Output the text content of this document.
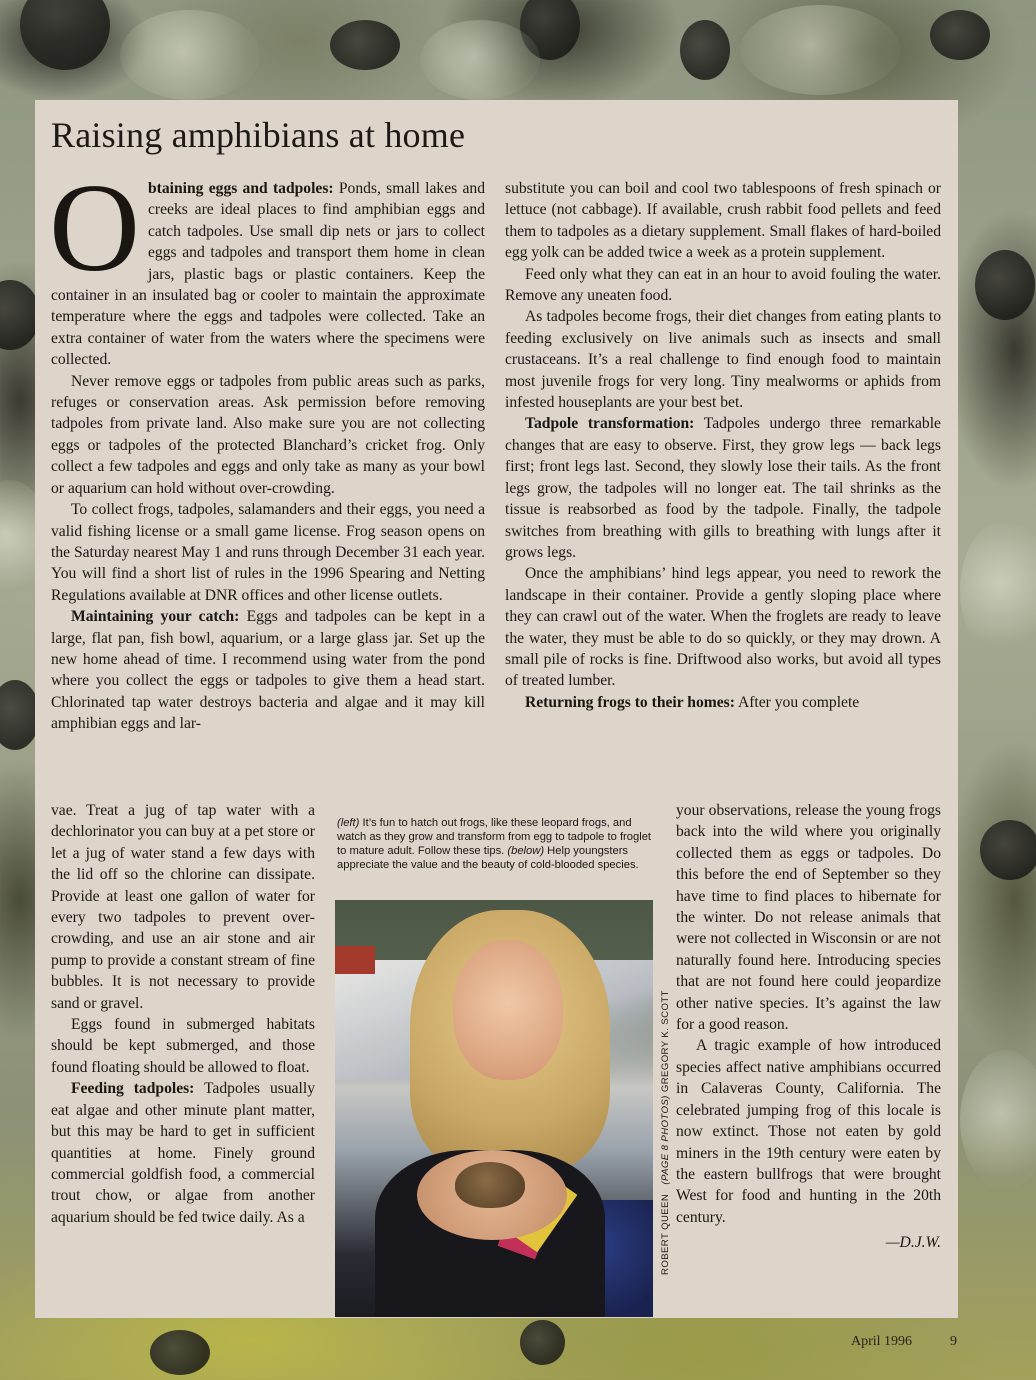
Raising amphibians at home

Obtaining eggs and tadpoles: Ponds, small lakes and creeks are ideal places to find amphibian eggs and catch tadpoles. Use small dip nets or jars to collect eggs and tadpoles and transport them home in clean jars, plastic bags or plastic containers. Keep the container in an insulated bag or cooler to maintain the approximate temperature where the eggs and tadpoles were collected. Take an extra container of water from the waters where the specimens were collected.

Never remove eggs or tadpoles from public areas such as parks, refuges or conservation areas. Ask permission before removing tadpoles from private land. Also make sure you are not collecting eggs or tadpoles of the protected Blanchard’s cricket frog. Only collect a few tadpoles and eggs and only take as many as your bowl or aquarium can hold without over-crowding.

To collect frogs, tadpoles, salamanders and their eggs, you need a valid fishing license or a small game license. Frog season opens on the Saturday nearest May 1 and runs through December 31 each year. You will find a short list of rules in the 1996 Spearing and Netting Regulations available at DNR offices and other license outlets.

Maintaining your catch: Eggs and tadpoles can be kept in a large, flat pan, fish bowl, aquarium, or a large glass jar. Set up the new home ahead of time. I recommend using water from the pond where you collect the eggs or tadpoles to give them a head start. Chlorinated tap water destroys bacteria and algae and it may kill amphibian eggs and lar-

vae. Treat a jug of tap water with a dechlorinator you can buy at a pet store or let a jug of water stand a few days with the lid off so the chlorine can dissipate. Provide at least one gallon of water for every two tadpoles to prevent over-crowding, and use an air stone and air pump to provide a constant stream of fine bubbles. It is not necessary to provide sand or gravel.

Eggs found in submerged habitats should be kept submerged, and those found floating should be allowed to float.

Feeding tadpoles: Tadpoles usually eat algae and other minute plant matter, but this may be hard to get in sufficient quantities at home. Finely ground commercial goldfish food, a commercial trout chow, or algae from another aquarium should be fed twice daily. As a

substitute you can boil and cool two tablespoons of fresh spinach or lettuce (not cabbage). If available, crush rabbit food pellets and feed them to tadpoles as a dietary supplement. Small flakes of hard-boiled egg yolk can be added twice a week as a protein supplement.

Feed only what they can eat in an hour to avoid fouling the water. Remove any uneaten food.

As tadpoles become frogs, their diet changes from eating plants to feeding exclusively on live animals such as insects and small crustaceans. It’s a real challenge to find enough food to maintain most juvenile frogs for very long. Tiny mealworms or aphids from infested houseplants are your best bet.

Tadpole transformation: Tadpoles undergo three remarkable changes that are easy to observe. First, they grow legs — back legs first; front legs last. Second, they slowly lose their tails. As the front legs grow, the tadpoles will no longer eat. The tail shrinks as the tissue is reabsorbed as food by the tadpole. Finally, the tadpole switches from breathing with gills to breathing with lungs after it grows legs.

Once the amphibians’ hind legs appear, you need to rework the landscape in their container. Provide a gently sloping place where they can crawl out of the water. When the froglets are ready to leave the water, they must be able to do so quickly, or they may drown. A small pile of rocks is fine. Driftwood also works, but avoid all types of treated lumber.

Returning frogs to their homes: After you complete

your observations, release the young frogs back into the wild where you originally collected them as eggs or tadpoles. Do this before the end of September so they have time to find places to hibernate for the winter. Do not release animals that were not collected in Wisconsin or are not naturally found here. Introducing species that are not found here could jeopardize other native species. It’s against the law for a good reason.

A tragic example of how introduced species affect native amphibians occurred in Calaveras County, California. The celebrated jumping frog of this locale is now extinct. Those not eaten by gold miners in the 19th century were eaten by the eastern bullfrogs that were brought West for food and hunting in the 20th century.

—D.J.W.

(left) It’s fun to hatch out frogs, like these leopard frogs, and watch as they grow and transform from egg to tadpole to froglet to mature adult. Follow these tips. (below) Help youngsters appreciate the value and the beauty of cold-blooded species.
ROBERT QUEEN   (PAGE 8 PHOTOS) GREGORY K. SCOTT
April 1996	9
